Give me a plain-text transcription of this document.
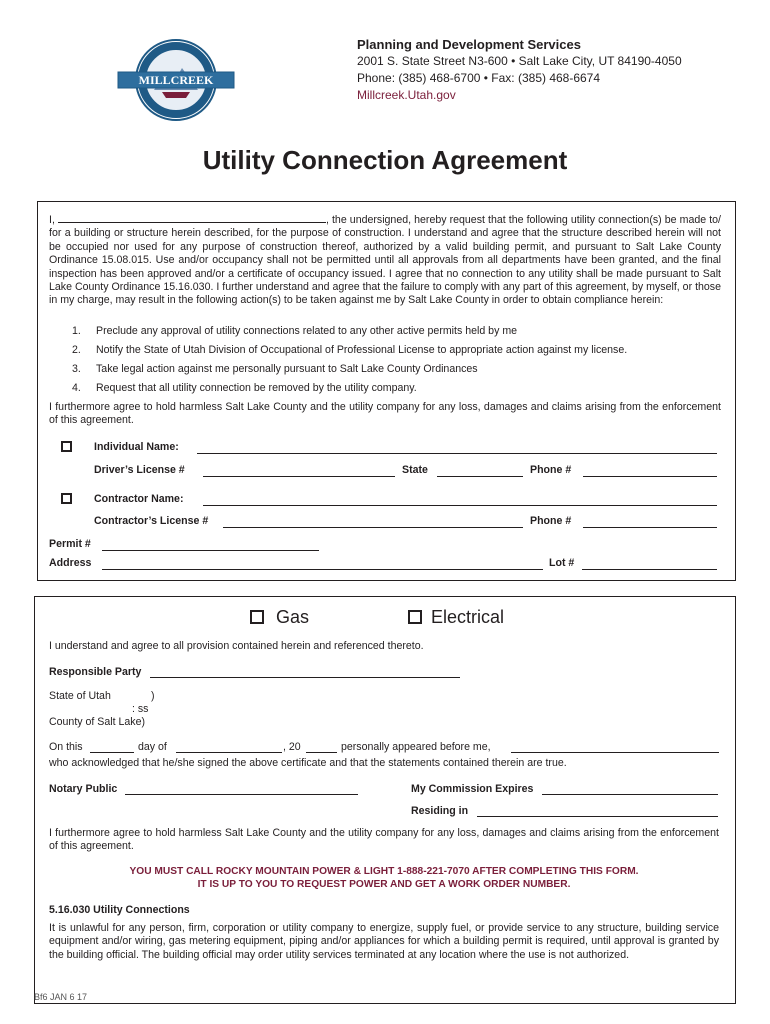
MILLCREEK
Planning and Development Services
2001 S. State Street N3-600 • Salt Lake City, UT 84190-4050
Phone: (385) 468-6700 • Fax: (385) 468-6674
Millcreek.Utah.gov
Utility Connection Agreement
I,	, the undersigned, hereby request that the following utility connection(s) be made to/ for a building or structure herein described, for the purpose of construction. I understand and agree that the structure described herein will not be occupied nor used for any purpose of construction thereof, authorized by a valid building permit, and pursuant to Salt Lake County Ordinance 15.08.015. Use and/or occupancy shall not be permitted until all approvals from all departments have been granted, and the final inspection has been approved and/or a certificate of occupancy issued. I agree that no connection to any utility shall be made pursuant to Salt Lake County Ordinance 15.16.030. I further understand and agree that the failure to comply with any part of this agreement, by myself, or those in my charge, may result in the following action(s) to be taken against me by Salt Lake County in order to obtain compliance herein:
1. Preclude any approval of utility connections related to any other active permits held by me
2. Notify the State of Utah Division of Occupational of Professional License to appropriate action against my license.
3. Take legal action against me personally pursuant to Salt Lake County Ordinances
4. Request that all utility connection be removed by the utility company.
I furthermore agree to hold harmless Salt Lake County and the utility company for any loss, damages and claims arising from the enforcement of this agreement.
Individual Name:
Driver’s License #	State	Phone #
Contractor Name:
Contractor’s License #	Phone #
Permit #
Address	Lot #
Gas	Electrical
I understand and agree to all provision contained herein and referenced thereto.
Responsible Party
State of Utah	)
: ss
County of Salt Lake)
On this	day of	, 20	personally appeared before me,
who acknowledged that he/she signed the above certificate and that the statements contained therein are true.
Notary Public	My Commission Expires
Residing in
I furthermore agree to hold harmless Salt Lake County and the utility company for any loss, damages and claims arising from the enforcement of this agreement.
YOU MUST CALL ROCKY MOUNTAIN POWER & LIGHT 1-888-221-7070 AFTER COMPLETING THIS FORM.
IT IS UP TO YOU TO REQUEST POWER AND GET A WORK ORDER NUMBER.
5.16.030 Utility Connections
It is unlawful for any person, firm, corporation or utility company to energize, supply fuel, or provide service to any structure, building service equipment and/or wiring, gas metering equipment, piping and/or appliances for which a building permit is required, until approval is granted by the building official. The building official may order utility services terminated at any location where the use is not authorized.
Bf6 JAN 6 17
